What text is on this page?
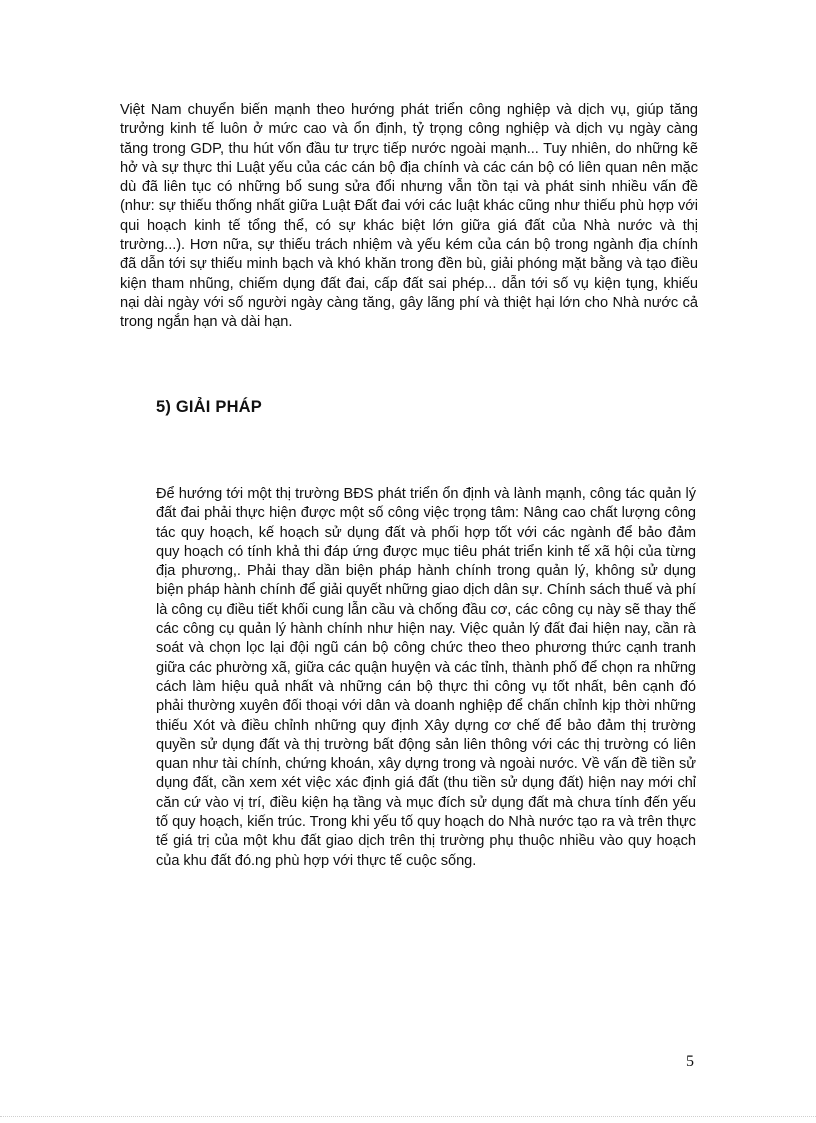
Việt Nam chuyển biến mạnh theo hướng phát triển công nghiệp và dịch vụ, giúp tăng trưởng kinh tế luôn ở mức cao và ổn định, tỷ trọng công nghiệp và dịch vụ ngày càng tăng trong GDP, thu hút vốn đầu tư trực tiếp nước ngoài mạnh... Tuy nhiên, do những kẽ hở và sự thực thi Luật yếu của các cán bộ địa chính và các cán bộ có liên quan nên mặc dù đã liên tục có những bổ sung sửa đổi nhưng vẫn tồn tại và phát sinh nhiều vấn đề (như: sự thiếu thống nhất giữa Luật Đất đai với các luật khác cũng như thiếu phù hợp với qui hoạch kinh tế tổng thể, có sự khác biệt lớn giữa giá đất của Nhà nước và thị trường...). Hơn nữa, sự thiếu trách nhiệm và yếu kém của cán bộ trong ngành địa chính đã dẫn tới sự thiếu minh bạch và khó khăn trong đền bù, giải phóng mặt bằng và tạo điều kiện tham nhũng, chiếm dụng đất đai, cấp đất sai phép... dẫn tới số vụ kiện tụng, khiếu nại dài ngày với số người ngày càng tăng, gây lãng phí và thiệt hại lớn cho Nhà nước cả trong ngắn hạn và dài hạn.

5) GIẢI PHÁP

Để hướng tới một thị trường BĐS phát triển ổn định và lành mạnh, công tác quản lý đất đai phải thực hiện được một số công việc trọng tâm: Nâng cao chất lượng công tác quy hoạch, kế hoạch sử dụng đất và phối hợp tốt với các ngành để bảo đảm quy hoạch có tính khả thi đáp ứng được mục tiêu phát triển kinh tế xã hội của từng địa phương,. Phải thay dần biện pháp hành chính trong quản lý, không sử dụng biện pháp hành chính để giải quyết những giao dịch dân sự. Chính sách thuế và phí là công cụ điều tiết khối cung lẫn cầu và chống đầu cơ, các công cụ này sẽ thay thế các công cụ quản lý hành chính như hiện nay. Việc quản lý đất đai hiện nay, cần rà soát và chọn lọc lại đội ngũ cán bộ công chức theo theo phương thức cạnh tranh giữa các phường xã, giữa các quận huyện và các tỉnh, thành phố để chọn ra những cách làm hiệu quả nhất và những cán bộ thực thi công vụ tốt nhất, bên cạnh đó phải thường xuyên đối thoại với dân và doanh nghiệp để chấn chỉnh kịp thời những thiếu Xót và điều chỉnh những quy định Xây dựng cơ chế để bảo đảm thị trường quyền sử dụng đất và thị trường bất động sản liên thông với các thị trường có liên quan như tài chính, chứng khoán, xây dựng trong và ngoài nước. Về vấn đề tiền sử dụng đất, cần xem xét việc xác định giá đất (thu tiền sử dụng đất) hiện nay mới chỉ căn cứ vào vị trí, điều kiện hạ tầng và mục đích sử dụng đất mà chưa tính đến yếu tố quy hoạch, kiến trúc. Trong khi yếu tố quy hoạch do Nhà nước tạo ra và trên thực tế giá trị của một khu đất giao dịch trên thị trường phụ thuộc nhiều vào quy hoạch của khu đất đó.ng phù hợp với thực tế cuộc sống.

5
